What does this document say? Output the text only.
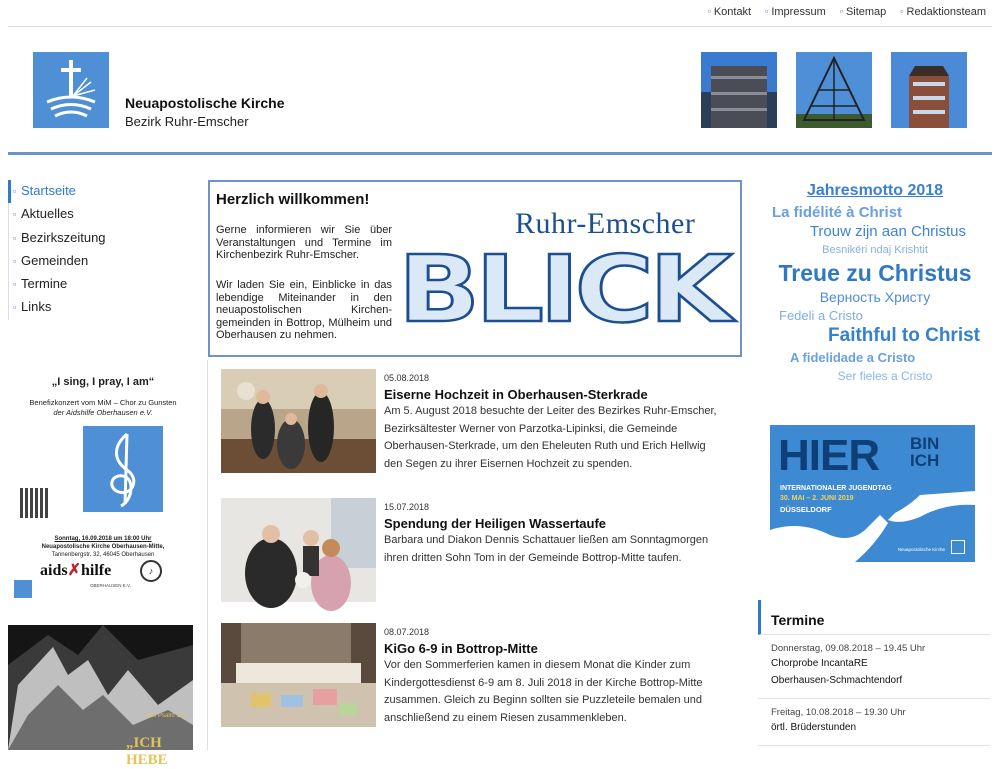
▫ Kontakt	▫ Impressum	▫ Sitemap	▫ Redaktionsteam
Neuapostolische Kirche
Bezirk Ruhr-Emscher
▫ Startseite
▫ Aktuelles
▫ Bezirkszeitung
▫ Gemeinden
▫ Termine
▫ Links
„I sing, I pray, I am“
Benefizkonzert vom MiM – Chor zu Gunsten
der Aidshilfe Oberhausen e.V.
Sonntag, 16.09.2018 um 18:00 Uhr
Neuapostolische Kirche Oberhausen-Mitte,
Tannenbergstr. 32, 46045 Oberhausen
aids✗hilfe
OBERHAUSEN E.V.
♪
Aus Psalm 121
„ICH HEBE
Herzlich willkommen!

Gerne informieren wir Sie über Veranstaltungen und Termine im Kirchenbezirk Ruhr-Emscher.

Wir laden Sie ein, Einblicke in das lebendige Miteinander in den neuapostolischen Kirchen-gemeinden in Bottrop, Mülheim und Oberhausen zu nehmen.

Ruhr-Emscher
BLICK
05.08.2018
Eiserne Hochzeit in Oberhausen-Sterkrade
Am 5. August 2018 besuchte der Leiter des Bezirkes Ruhr-Emscher, Bezirksältester Werner von Parzotka-Lipinksi, die Gemeinde Oberhausen-Sterkrade, um den Eheleuten Ruth und Erich Hellwig den Segen zu ihrer Eisernen Hochzeit zu spenden.
15.07.2018
Spendung der Heiligen Wassertaufe
Barbara und Diakon Dennis Schattauer ließen am Sonntagmorgen ihren dritten Sohn Tom in der Gemeinde Bottrop-Mitte taufen.
08.07.2018
KiGo 6-9 in Bottrop-Mitte
Vor den Sommerferien kamen in diesem Monat die Kinder zum Kindergottesdienst 6-9 am 8. Juli 2018 in der Kirche Bottrop-Mitte zusammen. Gleich zu Beginn sollten sie Puzzleteile bemalen und anschließend zu einem Riesen zusammenkleben.
Jahresmotto 2018
La fidélité à Christ
Trouw zijn aan Christus
Besnikëri ndaj Krishtit
Treue zu Christus
Верность Христу
Fedeli a Cristo
Faithful to Christ
A fidelidade a Cristo
Ser fieles a Cristo
HIER BIN
ICH
INTERNATIONALER JUGENDTAG
30. MAI – 2. JUNI 2019
DÜSSELDORF
Neuapostolische Kirche
Termine
Donnerstag, 09.08.2018 – 19.45 Uhr
Chorprobe IncantaRE
Oberhausen-Schmachtendorf
Freitag, 10.08.2018 – 19.30 Uhr
örtl. Brüderstunden
